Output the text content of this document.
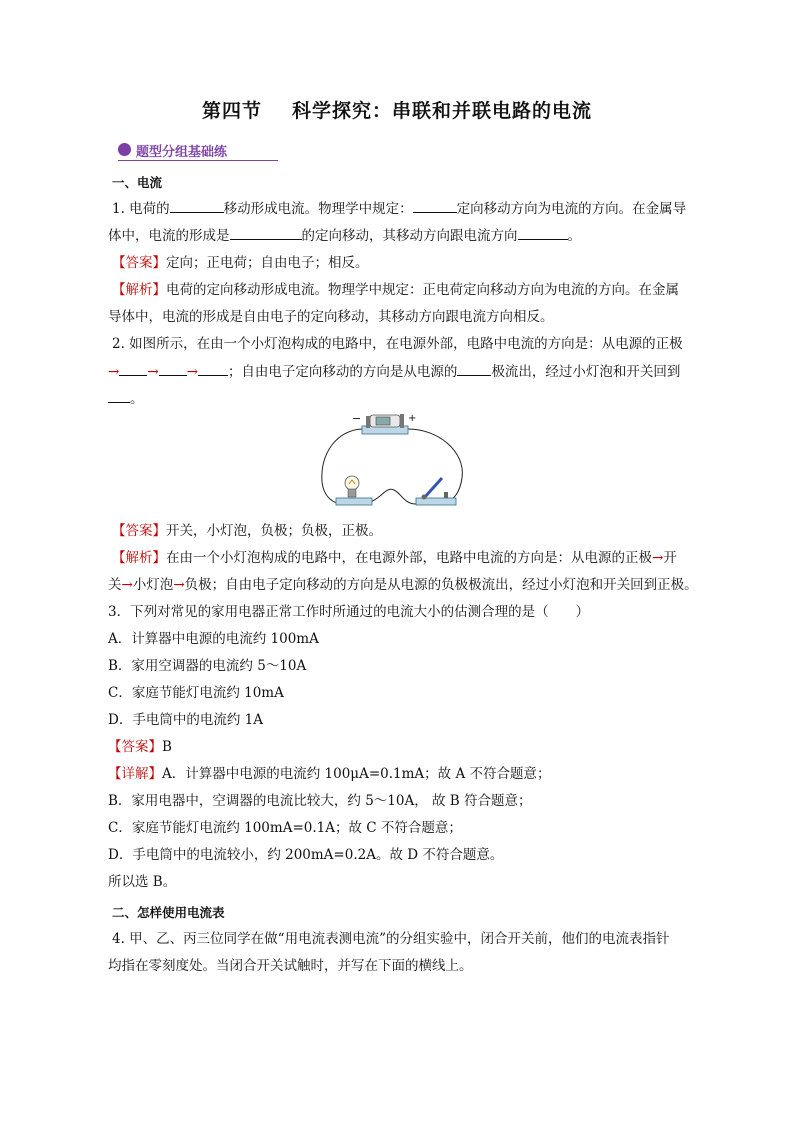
第四节 科学探究：串联和并联电路的电流
题型分组基础练
一、电流
1. 电荷的	移动形成电流。物理学中规定：	定向移动方向为电流的方向。在金属导
体中，电流的形成是	的定向移动，其移动方向跟电流方向	。
【答案】定向；正电荷；自由电子；相反。
【解析】电荷的定向移动形成电流。物理学中规定：正电荷定向移动方向为电流的方向。在金属
导体中，电流的形成是自由电子的定向移动，其移动方向跟电流方向相反。
2. 如图所示，在由一个小灯泡构成的电路中，在电源外部，电路中电流的方向是：从电源的正极
→ → → ；自由电子定向移动的方向是从电源的	极流出，经过小灯泡和开关回到
。
−	+
【答案】开关，小灯泡，负极；负极，正极。
【解析】在由一个小灯泡构成的电路中，在电源外部，电路中电流的方向是：从电源的正极→开
关→小灯泡→负极；自由电子定向移动的方向是从电源的负极极流出，经过小灯泡和开关回到正极。
3．下列对常见的家用电器正常工作时所通过的电流大小的估测合理的是（　　）
A．计算器中电源的电流约 100mA
B．家用空调器的电流约 5～10A
C．家庭节能灯电流约 10mA
D．手电筒中的电流约 1A
【答案】B
【详解】A．计算器中电源的电流约 100μA=0.1mA；故 A 不符合题意；
B．家用电器中，空调器的电流比较大，约 5～10A， 故 B 符合题意；
C．家庭节能灯电流约 100mA=0.1A；故 C 不符合题意；
D．手电筒中的电流较小，约 200mA=0.2A。故 D 不符合题意。
所以选 B。
二、怎样使用电流表
4. 甲、乙、丙三位同学在做“用电流表测电流”的分组实验中，闭合开关前，他们的电流表指针
均指在零刻度处。当闭合开关试触时，并写在下面的横线上。
